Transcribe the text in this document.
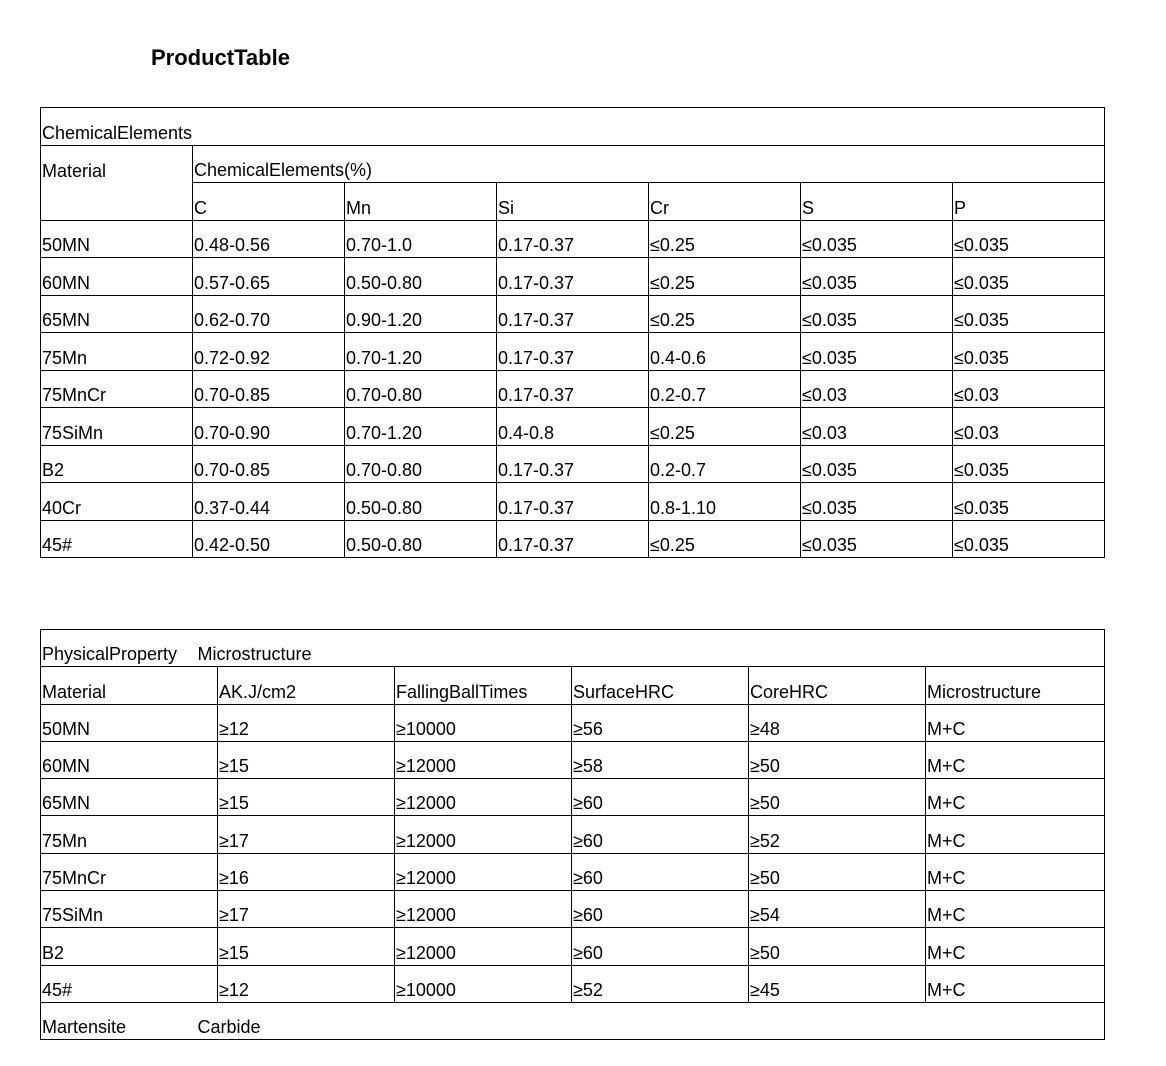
ProductTable
ChemicalElements						
Material	ChemicalElements(%)					
	C	Mn	Si	Cr	S	P
50MN	0.48-0.56	0.70-1.0	0.17-0.37	≤0.25	≤0.035	≤0.035
60MN	0.57-0.65	0.50-0.80	0.17-0.37	≤0.25	≤0.035	≤0.035
65MN	0.62-0.70	0.90-1.20	0.17-0.37	≤0.25	≤0.035	≤0.035
75Mn	0.72-0.92	0.70-1.20	0.17-0.37	0.4-0.6	≤0.035	≤0.035
75MnCr	0.70-0.85	0.70-0.80	0.17-0.37	0.2-0.7	≤0.03	≤0.03
75SiMn	0.70-0.90	0.70-1.20	0.4-0.8	≤0.25	≤0.03	≤0.03
B2	0.70-0.85	0.70-0.80	0.17-0.37	0.2-0.7	≤0.035	≤0.035
40Cr	0.37-0.44	0.50-0.80	0.17-0.37	0.8-1.10	≤0.035	≤0.035
45#	0.42-0.50	0.50-0.80	0.17-0.37	≤0.25	≤0.035	≤0.035
PhysicalProperty	Microstructure				
Material	AK.J/cm2	FallingBallTimes	SurfaceHRC	CoreHRC	Microstructure
50MN	≥12	≥10000	≥56	≥48	M+C
60MN	≥15	≥12000	≥58	≥50	M+C
65MN	≥15	≥12000	≥60	≥50	M+C
75Mn	≥17	≥12000	≥60	≥52	M+C
75MnCr	≥16	≥12000	≥60	≥50	M+C
75SiMn	≥17	≥12000	≥60	≥54	M+C
B2	≥15	≥12000	≥60	≥50	M+C
45#	≥12	≥10000	≥52	≥45	M+C
Martensite	Carbide				
